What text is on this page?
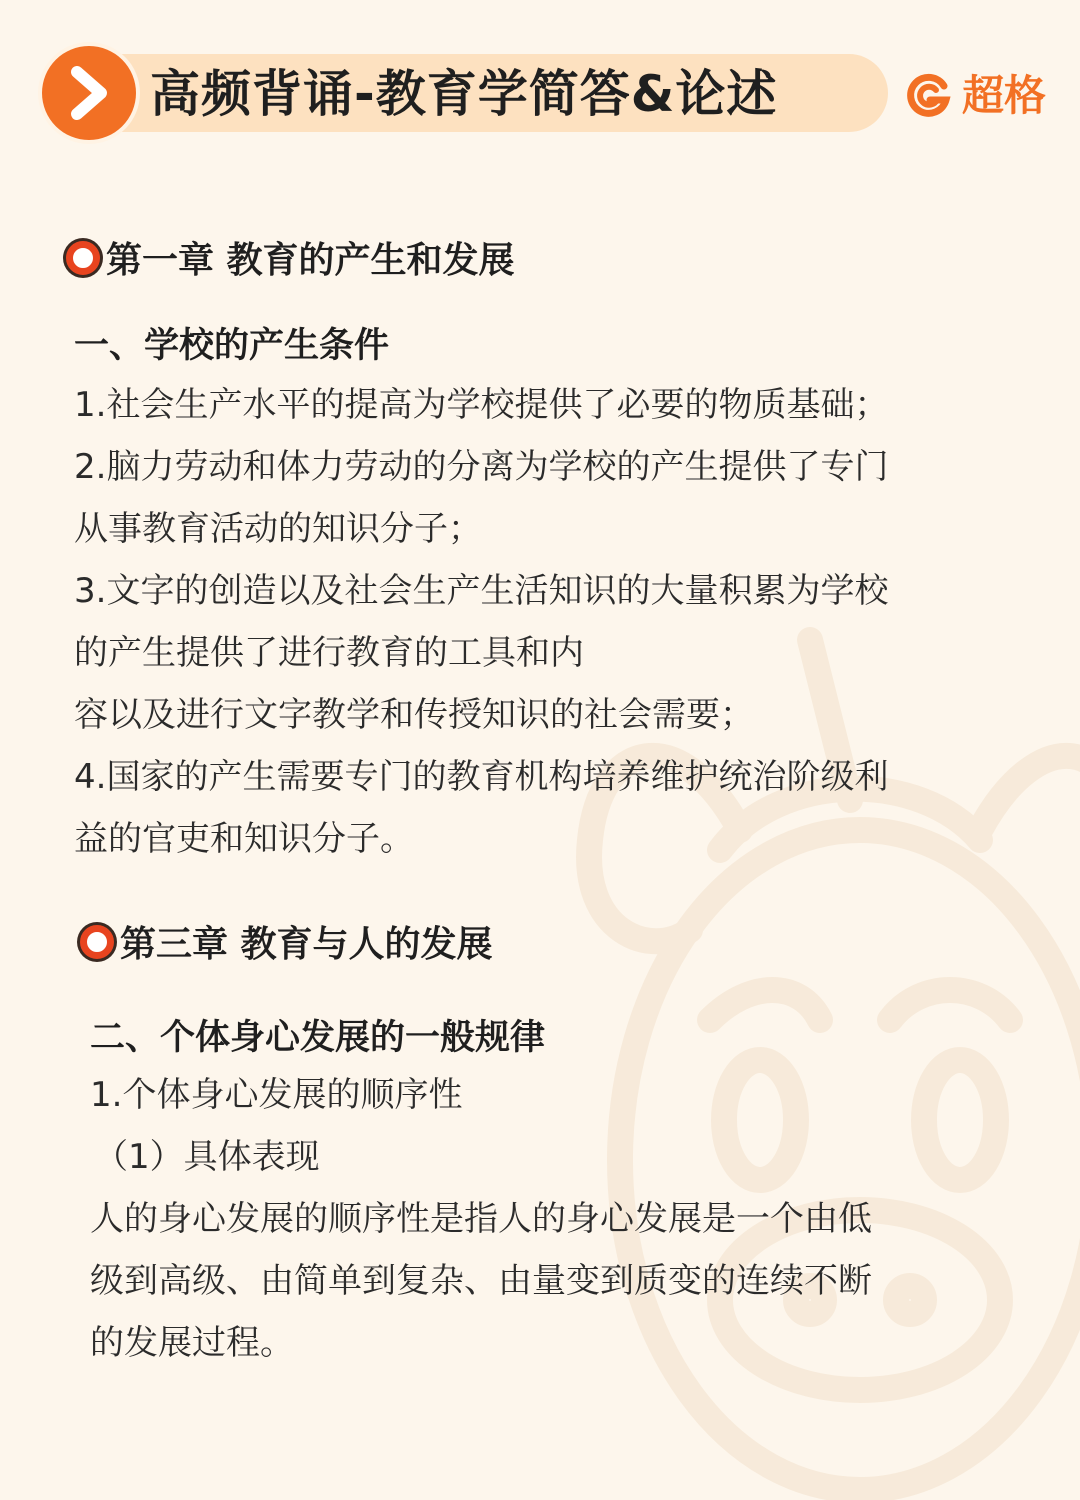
高频背诵-教育学简答&论述	超格
第一章 教育的产生和发展
一、学校的产生条件

1.社会生产水平的提高为学校提供了必要的物质基础；

2.脑力劳动和体力劳动的分离为学校的产生提供了专门

从事教育活动的知识分子；

3.文字的创造以及社会生产生活知识的大量积累为学校

的产生提供了进行教育的工具和内

容以及进行文字教学和传授知识的社会需要；

4.国家的产生需要专门的教育机构培养维护统治阶级利

益的官吏和知识分子。

第三章 教育与人的发展
二、个体身心发展的一般规律

1.个体身心发展的顺序性

（1）具体表现

人的身心发展的顺序性是指人的身心发展是一个由低

级到高级、由简单到复杂、由量变到质变的连续不断

的发展过程。
